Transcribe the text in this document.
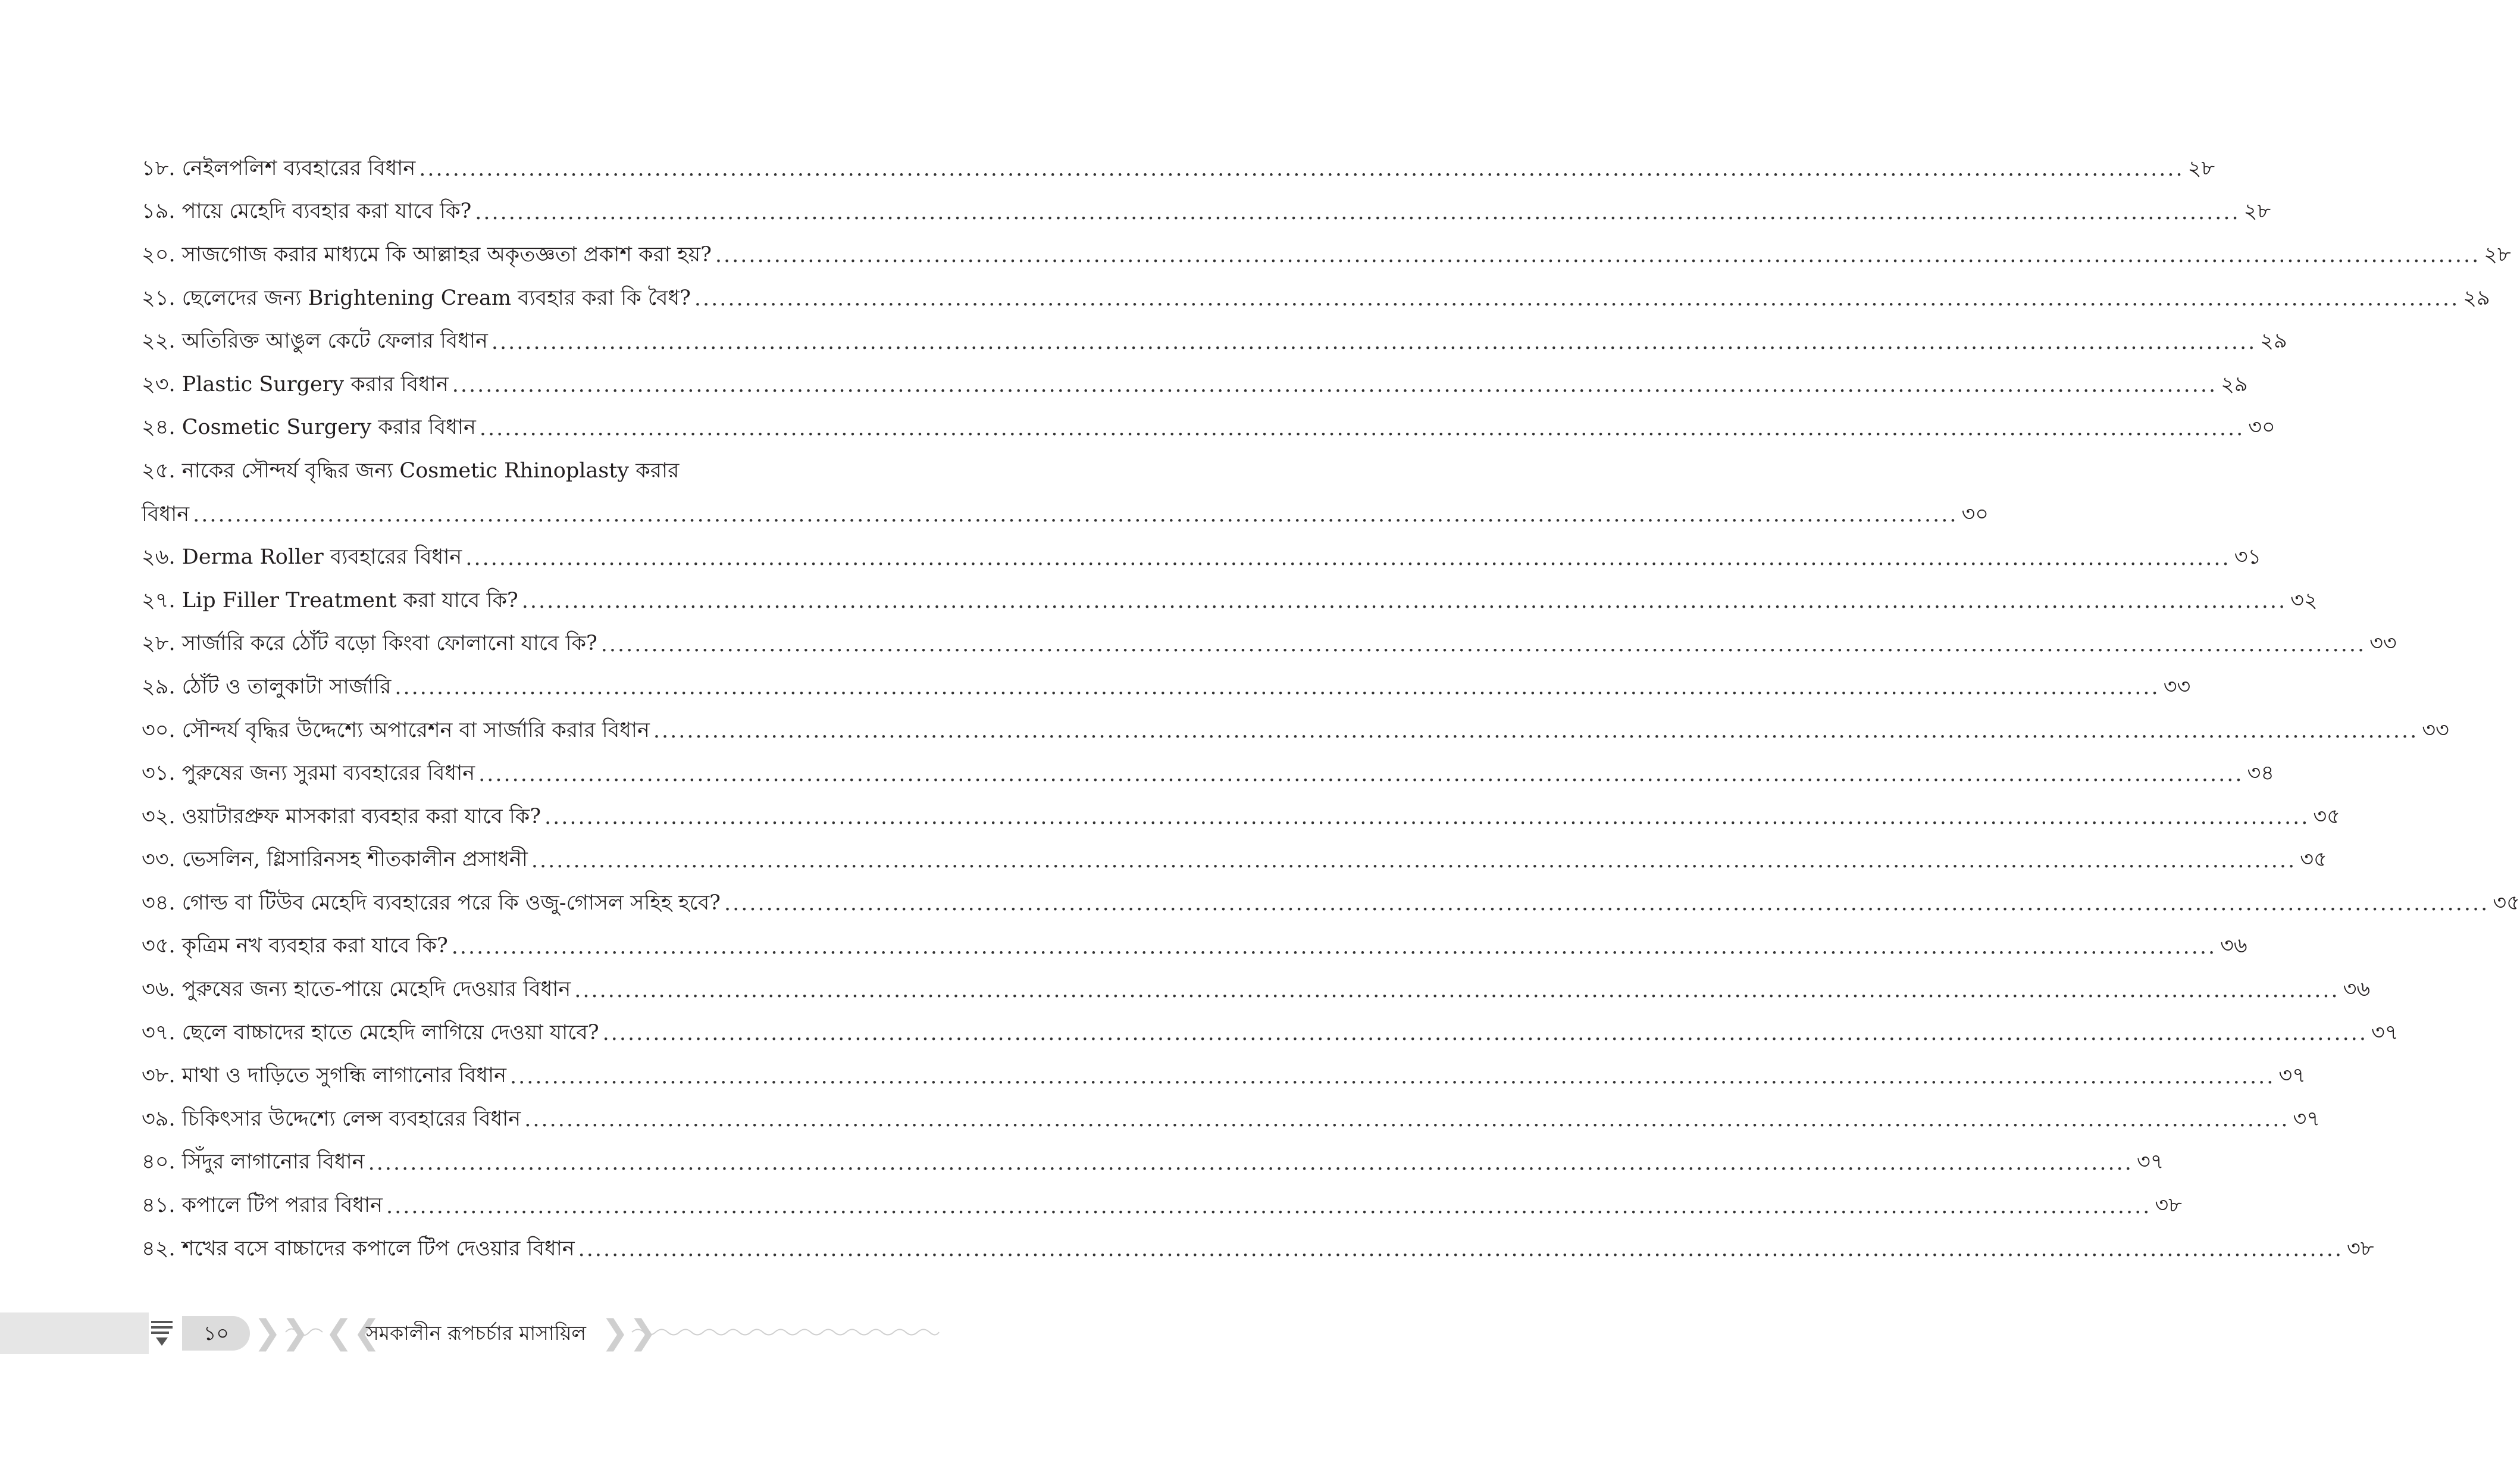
১৮. নেইলপলিশ ব্যবহারের বিধান .....	২৮
১৯. পায়ে মেহেদি ব্যবহার করা যাবে কি? .....	২৮
২০. সাজগোজ করার মাধ্যমে কি আল্লাহর অকৃতজ্ঞতা প্রকাশ করা হয়? .....	২৮
২১. ছেলেদের জন্য Brightening Cream ব্যবহার করা কি বৈধ? .....	২৯
২২. অতিরিক্ত আঙুল কেটে ফেলার বিধান .....	২৯
২৩. Plastic Surgery করার বিধান .....	২৯
২৪. Cosmetic Surgery করার বিধান .....	৩০
২৫. নাকের সৌন্দর্য বৃদ্ধির জন্য Cosmetic Rhinoplasty করার
বিধান .....	৩০
২৬. Derma Roller ব্যবহারের বিধান .....	৩১
২৭. Lip Filler Treatment করা যাবে কি? .....	৩২
২৮. সার্জারি করে ঠোঁট বড়ো কিংবা ফোলানো যাবে কি? .....	৩৩
২৯. ঠোঁট ও তালুকাটা সার্জারি .....	৩৩
৩০. সৌন্দর্য বৃদ্ধির উদ্দেশ্যে অপারেশন বা সার্জারি করার বিধান .....	৩৩
৩১. পুরুষের জন্য সুরমা ব্যবহারের বিধান .....	৩৪
৩২. ওয়াটারপ্রুফ মাসকারা ব্যবহার করা যাবে কি? .....	৩৫
৩৩. ভেসলিন, গ্লিসারিনসহ শীতকালীন প্রসাধনী .....	৩৫
৩৪. গোল্ড বা টিউব মেহেদি ব্যবহারের পরে কি ওজু-গোসল সহিহ হবে? .....	৩৫
৩৫. কৃত্রিম নখ ব্যবহার করা যাবে কি? .....	৩৬
৩৬. পুরুষের জন্য হাতে-পায়ে মেহেদি দেওয়ার বিধান .....	৩৬
৩৭. ছেলে বাচ্চাদের হাতে মেহেদি লাগিয়ে দেওয়া যাবে? .....	৩৭
৩৮. মাথা ও দাড়িতে সুগন্ধি লাগানোর বিধান .....	৩৭
৩৯. চিকিৎসার উদ্দেশ্যে লেন্স ব্যবহারের বিধান .....	৩৭
৪০. সিঁদুর লাগানোর বিধান .....	৩৭
৪১. কপালে টিপ পরার বিধান .....	৩৮
৪২. শখের বসে বাচ্চাদের কপালে টিপ দেওয়ার বিধান .....	৩৮
১০ ❯❯ ❮❮
সমকালীন রূপচর্চার মাসায়িল ❯❯
